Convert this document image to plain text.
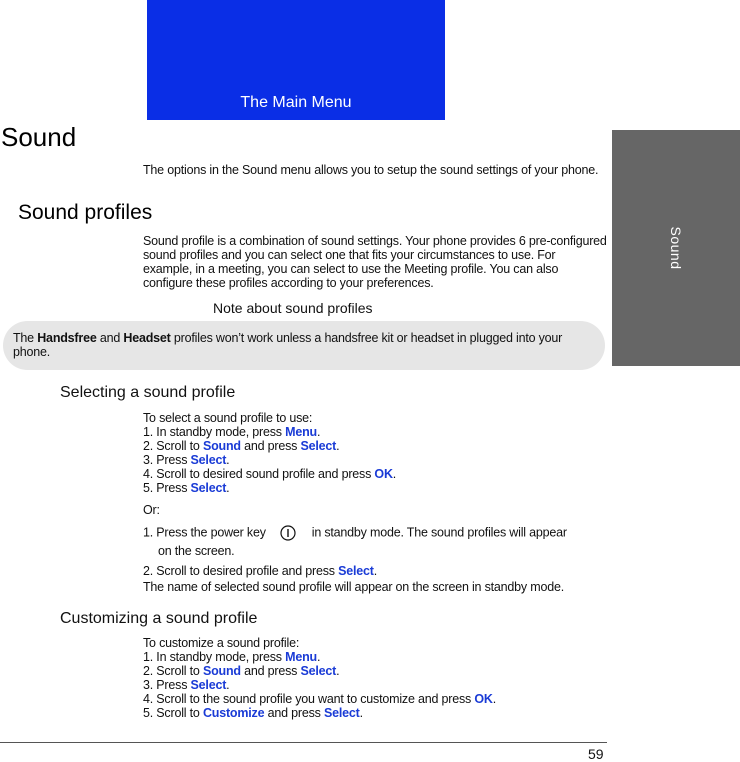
The Main Menu
Sound
Sound
The options in the Sound menu allows you to setup the sound settings of your phone.
Sound profiles
Sound profile is a combination of sound settings. Your phone provides 6 pre-configured sound profiles and you can select one that fits your circumstances to use. For example, in a meeting, you can select to use the Meeting profile. You can also configure these profiles according to your preferences.
Note about sound profiles
The Handsfree and Headset profiles won’t work unless a handsfree kit or headset in plugged into your phone.
Selecting a sound profile
To select a sound profile to use:
1. In standby mode, press Menu.
2. Scroll to Sound and press Select.
3. Press Select.
4. Scroll to desired sound profile and press OK.
5. Press Select.
Or:
1. Press the power key	in standby mode. The sound profiles will appear
on the screen.
2. Scroll to desired profile and press Select.
The name of selected sound profile will appear on the screen in standby mode.
Customizing a sound profile
To customize a sound profile:
1. In standby mode, press Menu.
2. Scroll to Sound and press Select.
3. Press Select.
4. Scroll to the sound profile you want to customize and press OK.
5. Scroll to Customize and press Select.
59
